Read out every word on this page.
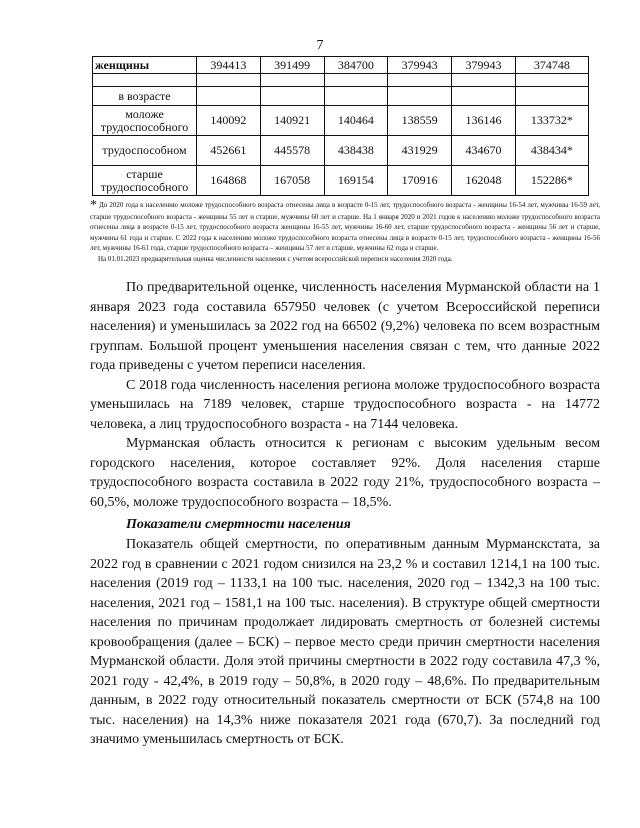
7
женщины	394413	391499	384700	379943	379943	374748

в возрасте						
моложе трудоспособного	140092	140921	140464	138559	136146	133732*
трудоспособном	452661	445578	438438	431929	434670	438434*
старше трудоспособного	164868	167058	169154	170916	162048	152286*

* До 2020 года к населению моложе трудоспособного возраста отнесены лица в возрасте 0-15 лет, трудоспособного возраста - женщины 16-54 лет, мужчины 16-59 лет, старше трудоспособного возраста - женщины 55 лет и старше, мужчины 60 лет и старше. На 1 января 2020 и 2021 годов к населению моложе трудоспособного возраста отнесены лица в возрасте 0-15 лет, трудоспособного возраста женщины 16-55 лет, мужчины 16-60 лет, старше трудоспособного возраста - женщины 56 лет и старше, мужчины 61 года и старше. С 2022 года к населению моложе трудоспособного возраста отнесены лица в возрасте 0-15 лет, трудоспособного возраста - женщины 16-56 лет, мужчины 16-61 года, старше трудоспособного возраста – женщины 57 лет и старше, мужчины 62 года и старше.

На 01.01.2023 предварительная оценка численности населения с учетом всероссийской переписи населения 2020 года.

По предварительной оценке, численность населения Мурманской области на 1 января 2023 года составила 657950 человек (с учетом Всероссийской переписи населения) и уменьшилась за 2022 год на 66502 (9,2%) человека по всем возрастным группам. Большой процент уменьшения населения связан с тем, что данные 2022 года приведены с учетом переписи населения.

С 2018 года численность населения региона моложе трудоспособного возраста уменьшилась на 7189 человек, старше трудоспособного возраста - на 14772 человека, а лиц трудоспособного возраста - на 7144 человека.

Мурманская область относится к регионам с высоким удельным весом городского населения, которое составляет 92%. Доля населения старше трудоспособного возраста составила в 2022 году 21%, трудоспособного возраста – 60,5%, моложе трудоспособного возраста – 18,5%.

Показатели смертности населения

Показатель общей смертности, по оперативным данным Мурманскстата, за 2022 год в сравнении с 2021 годом снизился на 23,2 % и составил 1214,1 на 100 тыс. населения (2019 год – 1133,1 на 100 тыс. населения, 2020 год – 1342,3 на 100 тыс. населения, 2021 год – 1581,1 на 100 тыс. населения). В структуре общей смертности населения по причинам продолжает лидировать смертность от болезней системы кровообращения (далее – БСК) – первое место среди причин смертности населения Мурманской области. Доля этой причины смертности в 2022 году составила 47,3 %, 2021 году - 42,4%, в 2019 году – 50,8%, в 2020 году – 48,6%. По предварительным данным, в 2022 году относительный показатель смертности от БСК (574,8 на 100 тыс. населения) на 14,3% ниже показателя 2021 года (670,7). За последний год значимо уменьшилась смертность от БСК.
